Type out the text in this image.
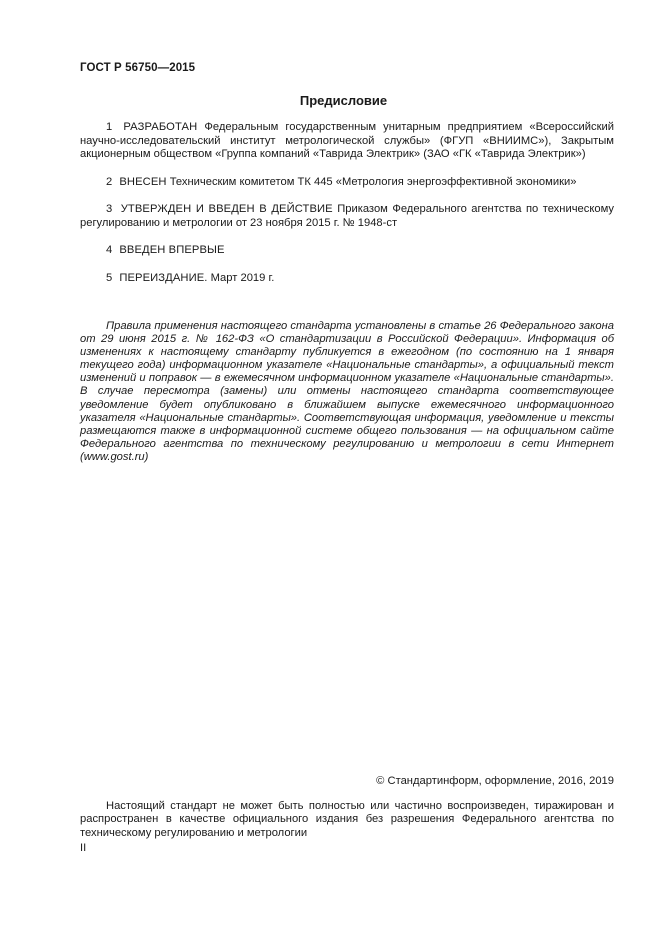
ГОСТ Р 56750—2015
Предисловие

1 РАЗРАБОТАН Федеральным государственным унитарным предприятием «Всероссийский научно-исследовательский институт метрологической службы» (ФГУП «ВНИИМС»), Закрытым акционерным обществом «Группа компаний «Таврида Электрик» (ЗАО «ГК «Таврида Электрик»)

2 ВНЕСЕН Техническим комитетом ТК 445 «Метрология энергоэффективной экономики»

3 УТВЕРЖДЕН И ВВЕДЕН В ДЕЙСТВИЕ Приказом Федерального агентства по техническому регулированию и метрологии от 23 ноября 2015 г. № 1948-ст

4 ВВЕДЕН ВПЕРВЫЕ

5 ПЕРЕИЗДАНИЕ. Март 2019 г.

Правила применения настоящего стандарта установлены в статье 26 Федерального закона от 29 июня 2015 г. № 162-ФЗ «О стандартизации в Российской Федерации». Информация об изменениях к настоящему стандарту публикуется в ежегодном (по состоянию на 1 января текущего года) информационном указателе «Национальные стандарты», а официальный текст изменений и поправок — в ежемесячном информационном указателе «Национальные стандарты». В случае пересмотра (замены) или отмены настоящего стандарта соответствующее уведомление будет опубликовано в ближайшем выпуске ежемесячного информационного указателя «Национальные стандарты». Соответствующая информация, уведомление и тексты размещаются также в информационной системе общего пользования — на официальном сайте Федерального агентства по техническому регулированию и метрологии в сети Интернет (www.gost.ru)
© Стандартинформ, оформление, 2016, 2019
Настоящий стандарт не может быть полностью или частично воспроизведен, тиражирован и распространен в качестве официального издания без разрешения Федерального агентства по техническому регулированию и метрологии
II
